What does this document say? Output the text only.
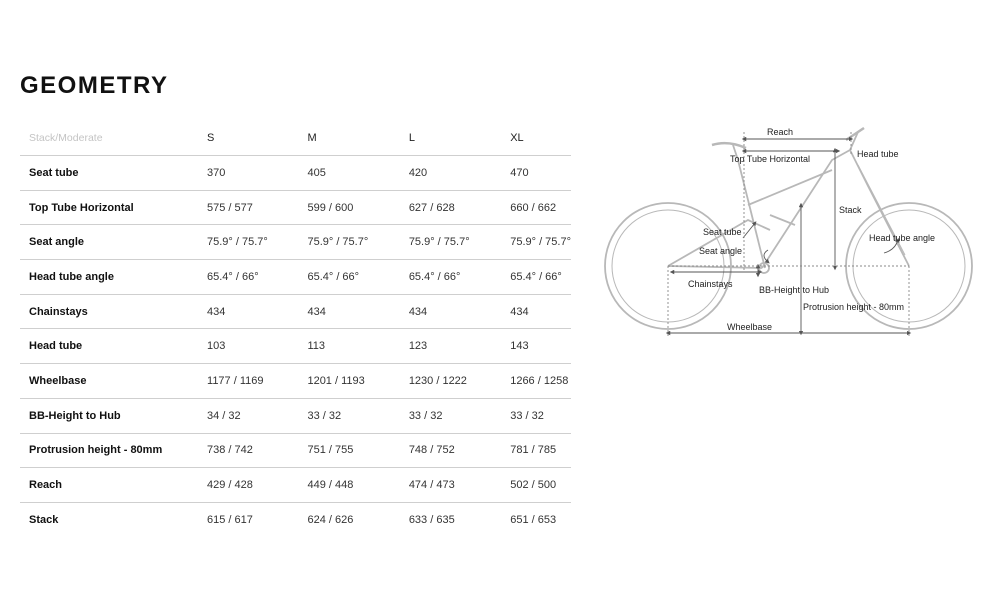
GEOMETRY
Stack/Moderate	S	M	L	XL
Seat tube	370	405	420	470
Top Tube Horizontal	575 / 577	599 / 600	627 / 628	660 / 662
Seat angle	75.9° / 75.7°	75.9° / 75.7°	75.9° / 75.7°	75.9° / 75.7°
Head tube angle	65.4° / 66°	65.4° / 66°	65.4° / 66°	65.4° / 66°
Chainstays	434	434	434	434
Head tube	103	113	123	143
Wheelbase	1177 / 1169	1201 / 1193	1230 / 1222	1266 / 1258
BB-Height to Hub	34 / 32	33 / 32	33 / 32	33 / 32
Protrusion height - 80mm	738 / 742	751 / 755	748 / 752	781 / 785
Reach	429 / 428	449 / 448	474 / 473	502 / 500
Stack	615 / 617	624 / 626	633 / 635	651 / 653
Reach
Top Tube Horizontal	Head tube
Stack
Seat tube
Seat angle
Head tube angle
Chainstays
BB-Height to Hub
Protrusion height - 80mm
Wheelbase
